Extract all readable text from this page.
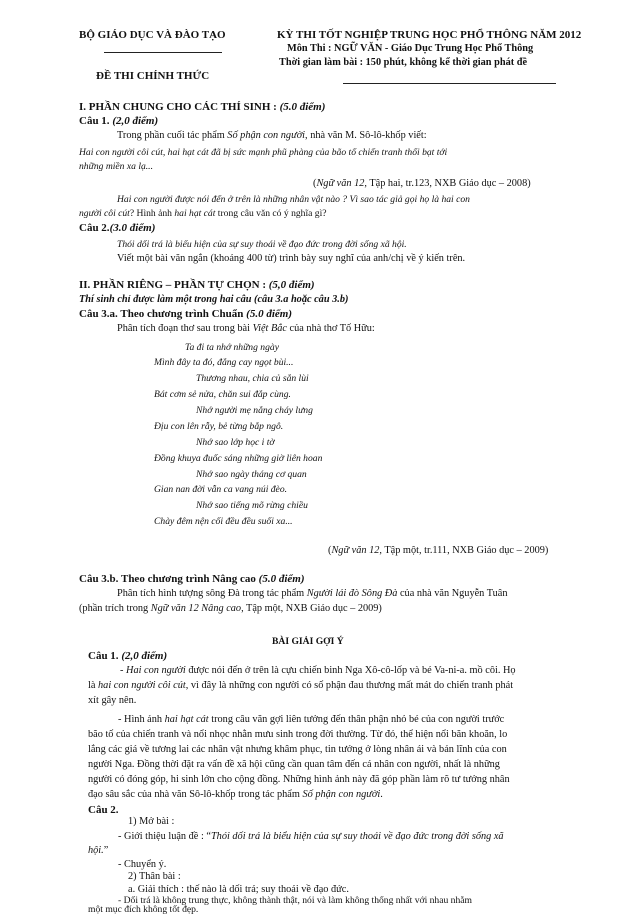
BỘ GIÁO DỤC VÀ ĐÀO TẠO
ĐỀ THI CHÍNH THỨC
KỲ THI TỐT NGHIỆP TRUNG HỌC PHỔ THÔNG NĂM 2012
Môn Thi : NGỮ VĂN - Giáo Dục Trung Học Phổ Thông
Thời gian làm bài : 150 phút, không kể thời gian phát đề
I. PHẦN CHUNG CHO CÁC THÍ SINH : (5.0 điểm)
Câu 1. (2,0 điểm)
Trong phần cuối tác phẩm Số phận con người, nhà văn M. Sô-lô-khốp viết:
Hai con người côi cút, hai hạt cát đã bị sức mạnh phũ phàng của bão tố chiến tranh thổi bạt tới
những miền xa lạ...
(Ngữ văn 12, Tập hai, tr.123, NXB Giáo dục – 2008)
Hai con người được nói đến ở trên là những nhân vật nào ? Vì sao tác giả gọi họ là hai con
người côi cút? Hình ảnh hai hạt cát trong câu văn có ý nghĩa gì?
Câu 2.(3.0 điểm)
Thói dối trá là biểu hiện của sự suy thoái về đạo đức trong đời sống xã hội.
Viết một bài văn ngắn (khoảng 400 từ) trình bày suy nghĩ của anh/chị về ý kiến trên.
II. PHẦN RIÊNG – PHẦN TỰ CHỌN : (5,0 điểm)
Thí sinh chỉ được làm một trong hai câu (câu 3.a hoặc câu 3.b)
Câu 3.a. Theo chương trình Chuẩn (5.0 điểm)
Phân tích đoạn thơ sau trong bài Việt Bắc của nhà thơ Tố Hữu:
Ta đi ta nhớ những ngày
Mình đây ta đó, đắng cay ngọt bùi...
Thương nhau, chia củ sắn lùi
Bát cơm sẻ nửa, chăn sui đắp cùng.
Nhớ người mẹ nắng cháy lưng
Địu con lên rẫy, bẻ từng bắp ngô.
Nhớ sao lớp học i tờ
Đồng khuya đuốc sáng những giờ liên hoan
Nhớ sao ngày tháng cơ quan
Gian nan đời vẫn ca vang núi đèo.
Nhớ sao tiếng mõ rừng chiều
Chày đêm nện cối đều đều suối xa...
(Ngữ văn 12, Tập một, tr.111, NXB Giáo dục – 2009)
Câu 3.b. Theo chương trình Nâng cao (5.0 điểm)
Phân tích hình tượng sông Đà trong tác phẩm Người lái đò Sông Đà của nhà văn Nguyễn Tuân
(phần trích trong Ngữ văn 12 Nâng cao, Tập một, NXB Giáo dục – 2009)
BÀI GIẢI GỢI Ý
Câu 1. (2,0 điểm)
- Hai con người được nói đến ở trên là cựu chiến binh Nga Xô-cô-lốp và bé Va-ni-a. mồ côi. Họ
là hai con người côi cút, vì đây là những con người có số phận đau thương mất mát do chiến tranh phát
xít gây nên.
- Hình ảnh hai hạt cát trong câu văn gợi liên tưởng đến thân phận nhỏ bé của con người trước
bão tố của chiến tranh và nổi nhọc nhằn mưu sinh trong đời thường. Từ đó, thể hiện nổi băn khoăn, lo
lắng các giá về tương lai các nhân vật nhưng khâm phục, tin tưởng ở lòng nhân ái và bản lĩnh của con
người Nga. Đồng thời đặt ra vấn đề xã hội cũng cần quan tâm đến cá nhân con người, nhất là những
người có đóng góp, hi sinh lớn cho cộng đồng. Những hình ảnh này đã góp phần làm rõ tư tưởng nhân
đạo sâu sắc của nhà văn Sô-lô-khốp trong tác phẩm Số phận con người.
Câu 2.
1) Mở bài :
- Giới thiệu luận đề : “Thói dối trá là biểu hiện của sự suy thoái về đạo đức trong đời sống xã
hội.”
- Chuyển ý.
2) Thân bài :
a. Giải thích : thế nào là dối trá; suy thoái về đạo đức.
- Dối trá là không trung thực, không thành thật, nói và làm không thống nhất với nhau nhằm
một mục đích không tốt đẹp.
